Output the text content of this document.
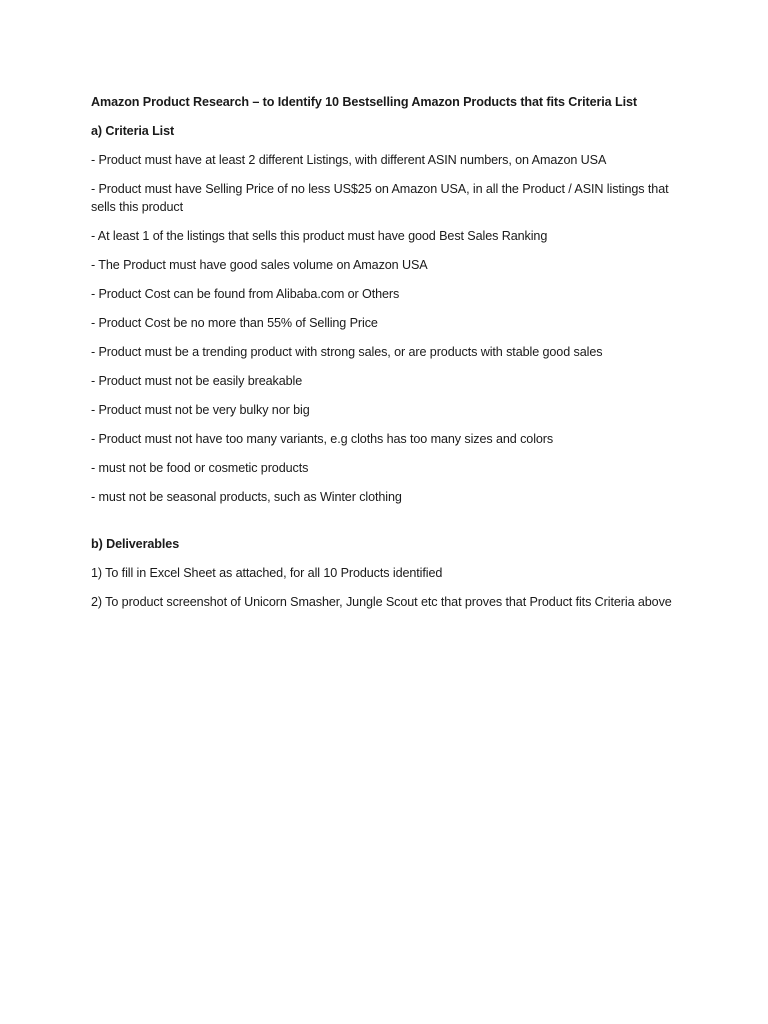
Amazon Product Research – to Identify 10 Bestselling Amazon Products that fits Criteria List

a) Criteria List

- Product must have at least 2 different Listings, with different ASIN numbers, on Amazon USA

- Product must have Selling Price of no less US$25 on Amazon USA, in all the Product / ASIN listings that sells this product

- At least 1 of the listings that sells this product must have good Best Sales Ranking

- The Product must have good sales volume on Amazon USA

- Product Cost can be found from Alibaba.com or Others

- Product Cost be no more than 55% of Selling Price

- Product must be a trending product with strong sales, or are products with stable good sales

- Product must not be easily breakable

- Product must not be very bulky nor big

- Product must not have too many variants, e.g cloths has too many sizes and colors

- must not be food or cosmetic products

- must not be seasonal products, such as Winter clothing

b) Deliverables

1) To fill in Excel Sheet as attached, for all 10 Products identified

2) To product screenshot of Unicorn Smasher, Jungle Scout etc that proves that Product fits Criteria above
